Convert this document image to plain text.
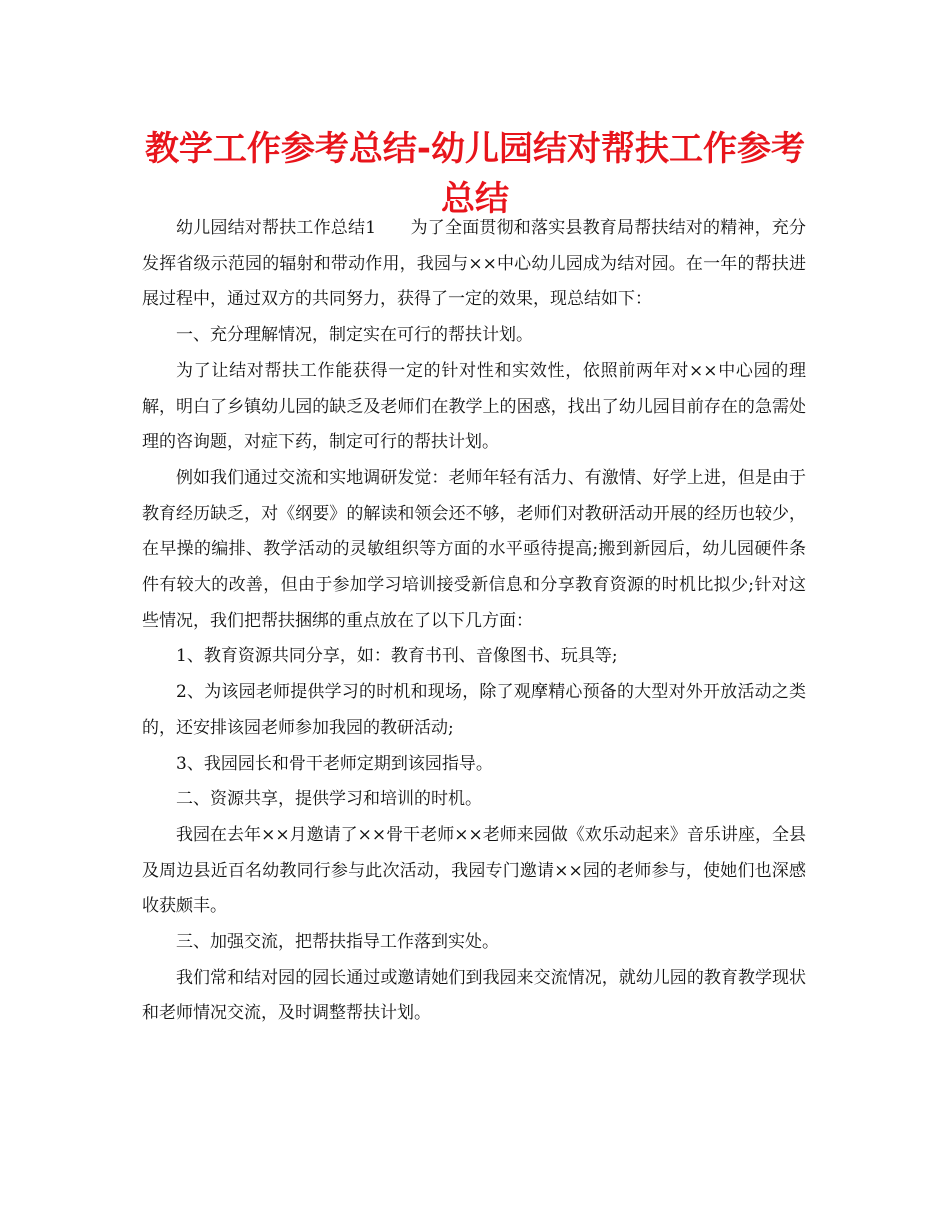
教学工作参考总结-幼儿园结对帮扶工作参考总结

幼儿园结对帮扶工作总结1　　为了全面贯彻和落实县教育局帮扶结对的精神，充分发挥省级示范园的辐射和带动作用，我园与××中心幼儿园成为结对园。在一年的帮扶进展过程中，通过双方的共同努力，获得了一定的效果，现总结如下：

一、充分理解情况，制定实在可行的帮扶计划。

为了让结对帮扶工作能获得一定的针对性和实效性，依照前两年对××中心园的理解，明白了乡镇幼儿园的缺乏及老师们在教学上的困惑，找出了幼儿园目前存在的急需处理的咨询题，对症下药，制定可行的帮扶计划。

例如我们通过交流和实地调研发觉：老师年轻有活力、有激情、好学上进，但是由于教育经历缺乏，对《纲要》的解读和领会还不够，老师们对教研活动开展的经历也较少，在早操的编排、教学活动的灵敏组织等方面的水平亟待提高;搬到新园后，幼儿园硬件条件有较大的改善，但由于参加学习培训接受新信息和分享教育资源的时机比拟少;针对这些情况，我们把帮扶捆绑的重点放在了以下几方面：

1、教育资源共同分享，如：教育书刊、音像图书、玩具等;

2、为该园老师提供学习的时机和现场，除了观摩精心预备的大型对外开放活动之类的，还安排该园老师参加我园的教研活动;

3、我园园长和骨干老师定期到该园指导。

二、资源共享，提供学习和培训的时机。

我园在去年××月邀请了××骨干老师××老师来园做《欢乐动起来》音乐讲座，全县及周边县近百名幼教同行参与此次活动，我园专门邀请××园的老师参与，使她们也深感收获颇丰。

三、加强交流，把帮扶指导工作落到实处。

我们常和结对园的园长通过或邀请她们到我园来交流情况，就幼儿园的教育教学现状和老师情况交流，及时调整帮扶计划。
